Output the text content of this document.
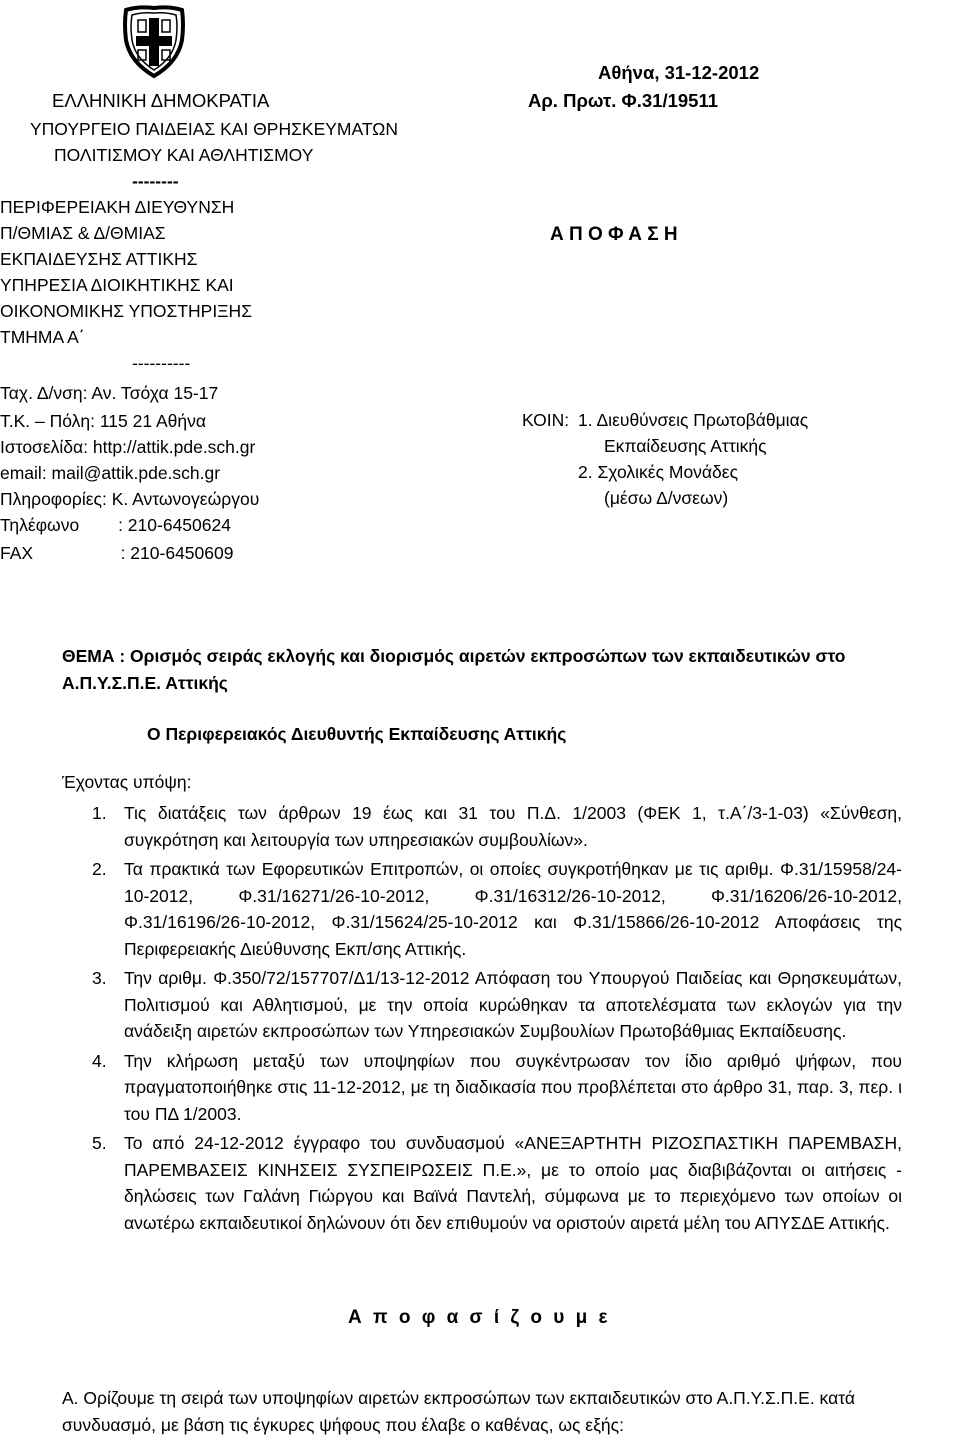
ΕΛΛΗΝΙΚΗ ΔΗΜΟΚΡΑΤΙΑ
ΥΠΟΥΡΓΕΙΟ ΠΑΙΔΕΙΑΣ ΚΑΙ ΘΡΗΣΚΕΥΜΑΤΩΝ
ΠΟΛΙΤΙΣΜΟΥ ΚΑΙ ΑΘΛΗΤΙΣΜΟΥ
--------
ΠΕΡΙΦΕΡΕΙΑΚΗ ΔΙΕΥΘΥΝΣΗ
Π/ΘΜΙΑΣ & Δ/ΘΜΙΑΣ
ΕΚΠΑΙΔΕΥΣΗΣ ΑΤΤΙΚΗΣ
ΥΠΗΡΕΣΙΑ ΔΙΟΙΚΗΤΙΚΗΣ ΚΑΙ
ΟΙΚΟΝΟΜΙΚΗΣ ΥΠΟΣΤΗΡΙΞΗΣ
ΤΜΗΜΑ Α΄
----------
Ταχ. Δ/νση: Αν. Τσόχα 15-17
Τ.Κ. – Πόλη: 115 21 Αθήνα
Ιστοσελίδα: http://attik.pde.sch.gr
email: mail@attik.pde.sch.gr
Πληροφορίες: Κ. Αντωνογεώργου
Τηλέφωνο        : 210-6450624
FAX                  : 210-6450609
Αθήνα, 31-12-2012
Αρ. Πρωτ. Φ.31/19511
Α Π Ο Φ Α Σ Η
ΚΟΙΝ: 1. Διευθύνσεις Πρωτοβάθμιας
Εκπαίδευσης Αττικής
2. Σχολικές Μονάδες
(μέσω Δ/νσεων)
ΘΕΜΑ : Ορισμός σειράς εκλογής και διορισμός αιρετών εκπροσώπων των εκπαιδευτικών στο Α.Π.Υ.Σ.Π.Ε. Αττικής
Ο Περιφερειακός Διευθυντής Εκπαίδευσης Αττικής
Έχοντας υπόψη:
1. Τις διατάξεις των άρθρων 19 έως και 31 του Π.Δ. 1/2003 (ΦΕΚ 1, τ.Α΄/3-1-03) «Σύνθεση, συγκρότηση και λειτουργία των υπηρεσιακών συμβουλίων».
2. Τα πρακτικά των Εφορευτικών Επιτροπών, οι οποίες συγκροτήθηκαν με τις αριθμ. Φ.31/15958/24-10-2012, Φ.31/16271/26-10-2012, Φ.31/16312/26-10-2012, Φ.31/16206/26-10-2012, Φ.31/16196/26-10-2012, Φ.31/15624/25-10-2012 και Φ.31/15866/26-10-2012 Αποφάσεις της Περιφερειακής Διεύθυνσης Εκπ/σης Αττικής.
3. Την αριθμ. Φ.350/72/157707/Δ1/13-12-2012 Απόφαση του Υπουργού Παιδείας και Θρησκευμάτων, Πολιτισμού και Αθλητισμού, με την οποία κυρώθηκαν τα αποτελέσματα των εκλογών για την ανάδειξη αιρετών εκπροσώπων των Υπηρεσιακών Συμβουλίων Πρωτοβάθμιας Εκπαίδευσης.
4. Την κλήρωση μεταξύ των υποψηφίων που συγκέντρωσαν τον ίδιο αριθμό ψήφων, που πραγματοποιήθηκε στις 11-12-2012, με τη διαδικασία που προβλέπεται στο άρθρο 31, παρ. 3, περ. ι του ΠΔ 1/2003.
5. Το από 24-12-2012 έγγραφο του συνδυασμού «ΑΝΕΞΑΡΤΗΤΗ ΡΙΖΟΣΠΑΣΤΙΚΗ ΠΑΡΕΜΒΑΣΗ, ΠΑΡΕΜΒΑΣΕΙΣ ΚΙΝΗΣΕΙΣ ΣΥΣΠΕΙΡΩΣΕΙΣ Π.Ε.», με το οποίο μας διαβιβάζονται οι αιτήσεις - δηλώσεις των Γαλάνη Γιώργου και Βαϊνά Παντελή, σύμφωνα με το περιεχόμενο των οποίων οι ανωτέρω εκπαιδευτικοί δηλώνουν ότι δεν επιθυμούν να οριστούν αιρετά μέλη του ΑΠΥΣΔΕ Αττικής.
Α π ο φ α σ ί ζ ο υ μ ε
Α. Ορίζουμε τη σειρά των υποψηφίων αιρετών εκπροσώπων των εκπαιδευτικών στο Α.Π.Υ.Σ.Π.Ε. κατά συνδυασμό, με βάση τις έγκυρες ψήφους που έλαβε ο καθένας, ως εξής:
